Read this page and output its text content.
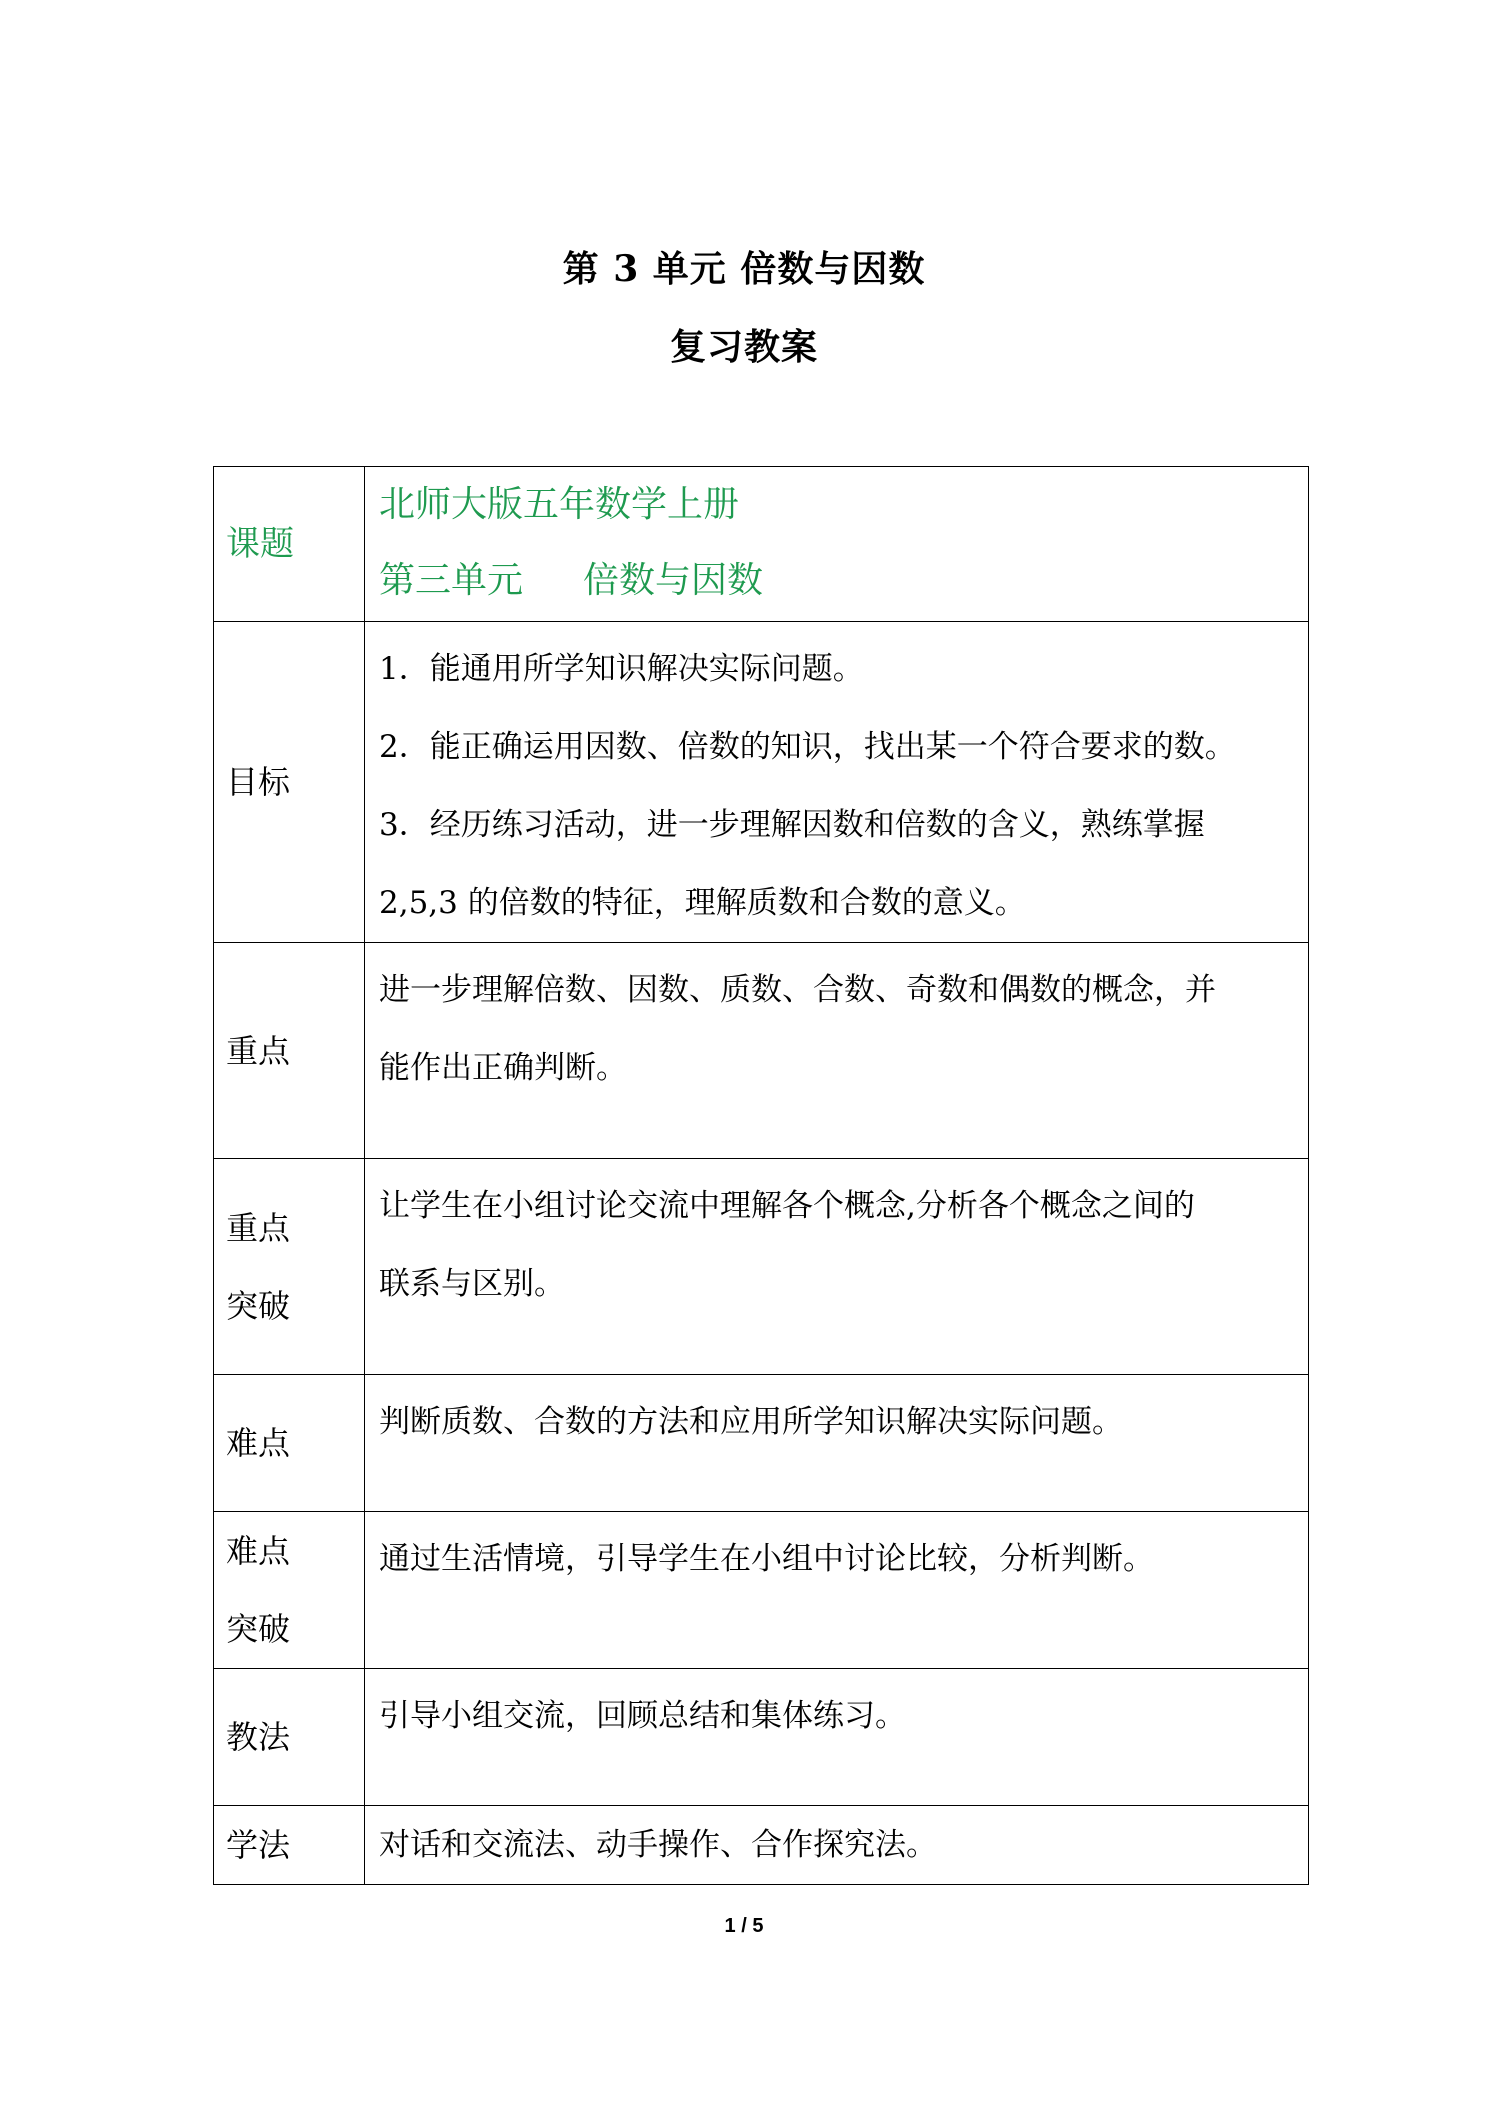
第 3 单元 倍数与因数
复习教案
课题	北师大版五年数学上册
第三单元 倍数与因数

目标	1．能通用所学知识解决实际问题。
2．能正确运用因数、倍数的知识，找出某一个符合要求的数。
3．经历练习活动，进一步理解因数和倍数的含义，熟练掌握
2,5,3 的倍数的特征，理解质数和合数的意义。

重点	进一步理解倍数、因数、质数、合数、奇数和偶数的概念，并
能作出正确判断。

重点
突破	让学生在小组讨论交流中理解各个概念,分析各个概念之间的
联系与区别。

难点	判断质数、合数的方法和应用所学知识解决实际问题。

难点
突破	通过生活情境，引导学生在小组中讨论比较，分析判断。

教法	引导小组交流，回顾总结和集体练习。

学法	对话和交流法、动手操作、合作探究法。
1 / 5
